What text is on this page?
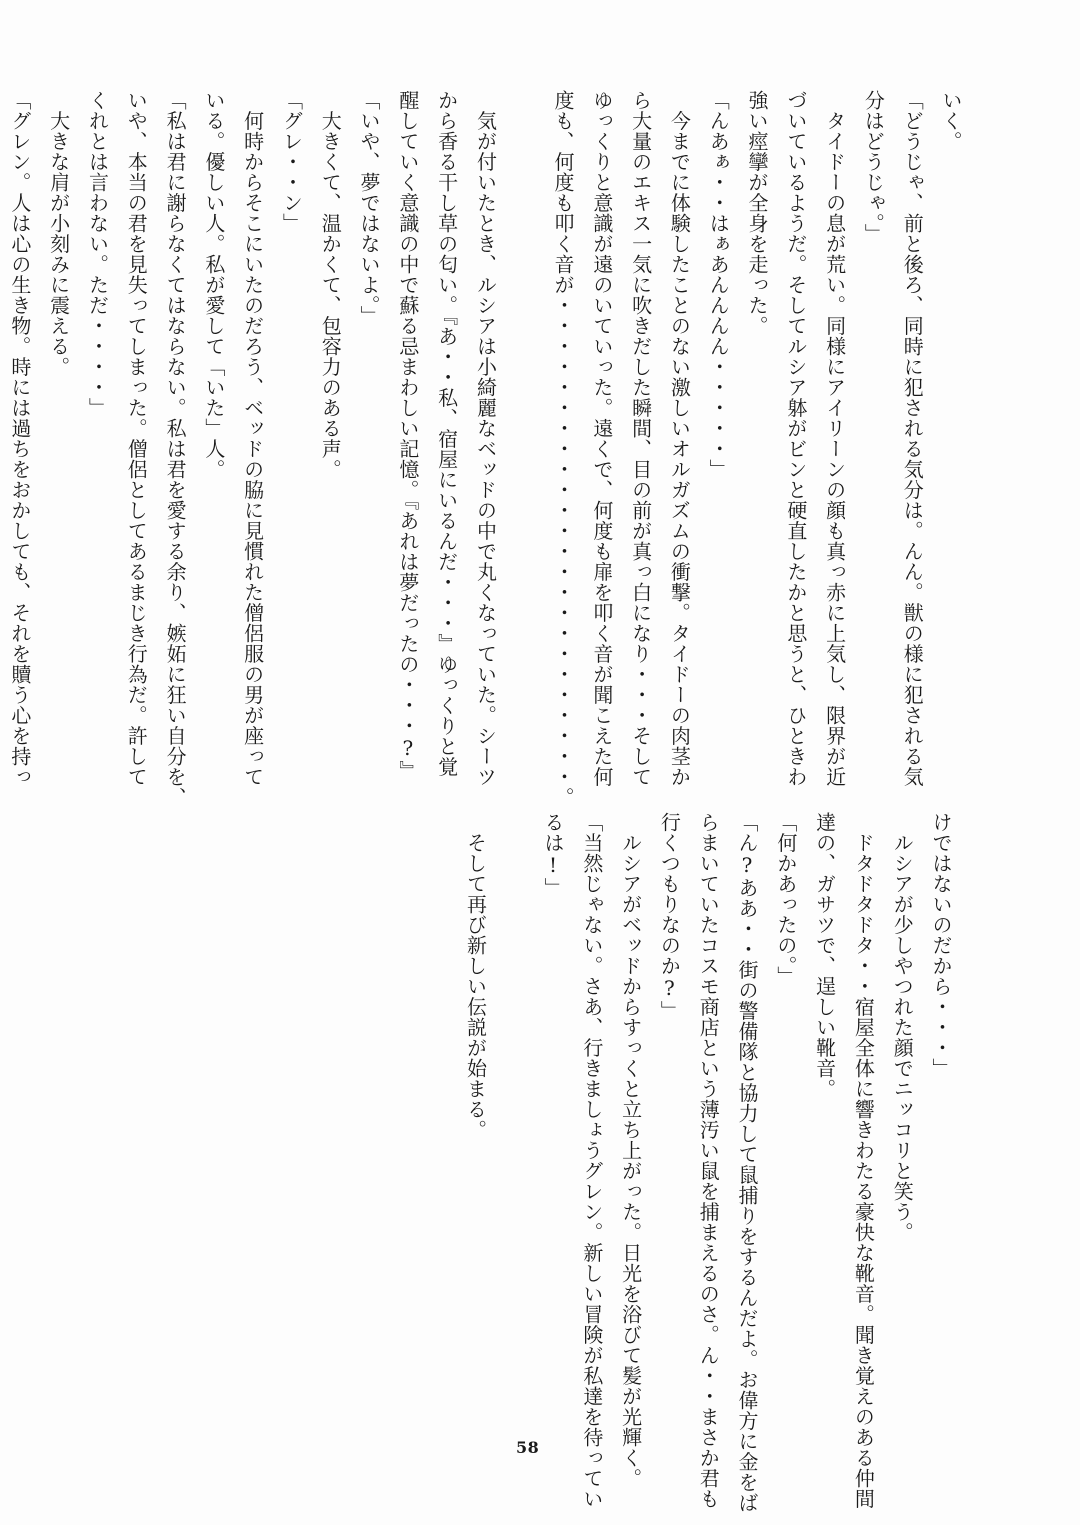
いく。

「どうじゃ、前と後ろ、同時に犯される気分は。んん。獣の様に犯される気

分はどうじゃ。」

　タイドーの息が荒い。同様にアイリーンの顔も真っ赤に上気し、限界が近

づいているようだ。そしてルシア躰がビンと硬直したかと思うと、ひときわ

強い痙攣が全身を走った。

「んあぁ・・はぁあんんんん・・・・・」

　今までに体験したことのない激しいオルガズムの衝撃。タイドーの肉茎か

ら大量のエキス一気に吹きだした瞬間、目の前が真っ白になり・・・そして

ゆっくりと意識が遠のいていった。遠くで、何度も扉を叩く音が聞こえた何

度も、何度も叩く音が・・・・・・・・・・・・・・・・・・・・・・・・。

　気が付いたとき、ルシアは小綺麗なベッドの中で丸くなっていた。シーツ

から香る干し草の匂い。『あ・・私、宿屋にいるんだ・・・』ゆっくりと覚

醒していく意識の中で蘇る忌まわしい記憶。『あれは夢だったの・・・?』

「いや、夢ではないよ。」

　大きくて、温かくて、包容力のある声。

「グレ・・ン」

　何時からそこにいたのだろう、ベッドの脇に見慣れた僧侶服の男が座って

いる。優しい人。私が愛して「いた」人。

「私は君に謝らなくてはならない。私は君を愛する余り、嫉妬に狂い自分を、

いや、本当の君を見失ってしまった。僧侶としてあるまじき行為だ。許して

くれとは言わない。ただ・・・・」

　大きな肩が小刻みに震える。

「グレン。人は心の生き物。時には過ちをおかしても、それを贖う心を持っ

けではないのだから・・・」

　ルシアが少しやつれた顔でニッコリと笑う。

　ドタドタドタ・・宿屋全体に響きわたる豪快な靴音。聞き覚えのある仲間

達の、ガサツで、逞しい靴音。

「何かあったの。」

「ん?ああ・・街の警備隊と協力して鼠捕りをするんだよ。お偉方に金をば

らまいていたコスモ商店という薄汚い鼠を捕まえるのさ。ん・・まさか君も

行くつもりなのか?」

　ルシアがベッドからすっくと立ち上がった。日光を浴びて髪が光輝く。

「当然じゃない。さあ、行きましょうグレン。新しい冒険が私達を待ってい

るは!」

　そして再び新しい伝説が始まる。

58
